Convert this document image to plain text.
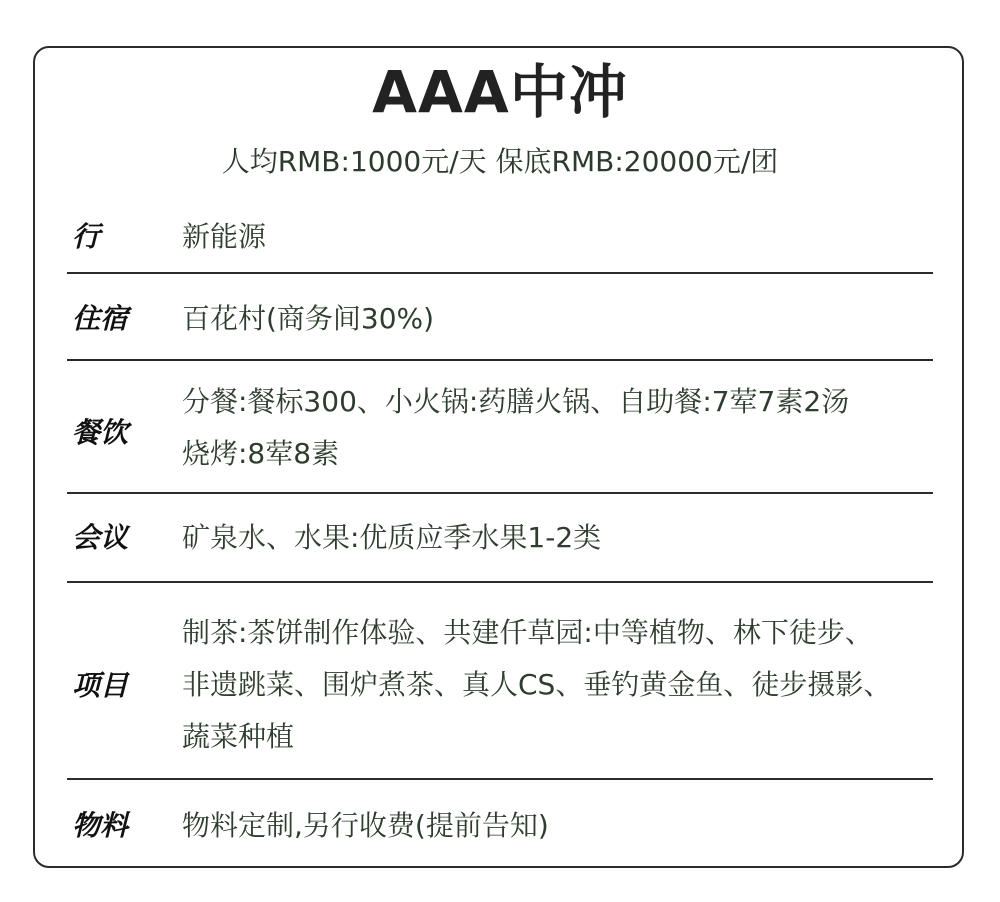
AAA中冲
人均RMB:1000元/天 保底RMB:20000元/团
行	新能源
住宿 百花村(商务间30%)
餐饮
分餐:餐标300、小火锅:药膳火锅、自助餐:7荤7素2汤
烧烤:8荤8素
会议 矿泉水、水果:优质应季水果1-2类
项目
制茶:茶饼制作体验、共建仟草园:中等植物、林下徒步、
非遗跳菜、围炉煮茶、真人CS、垂钓黄金鱼、徒步摄影、
蔬菜种植
物料 物料定制,另行收费(提前告知)
